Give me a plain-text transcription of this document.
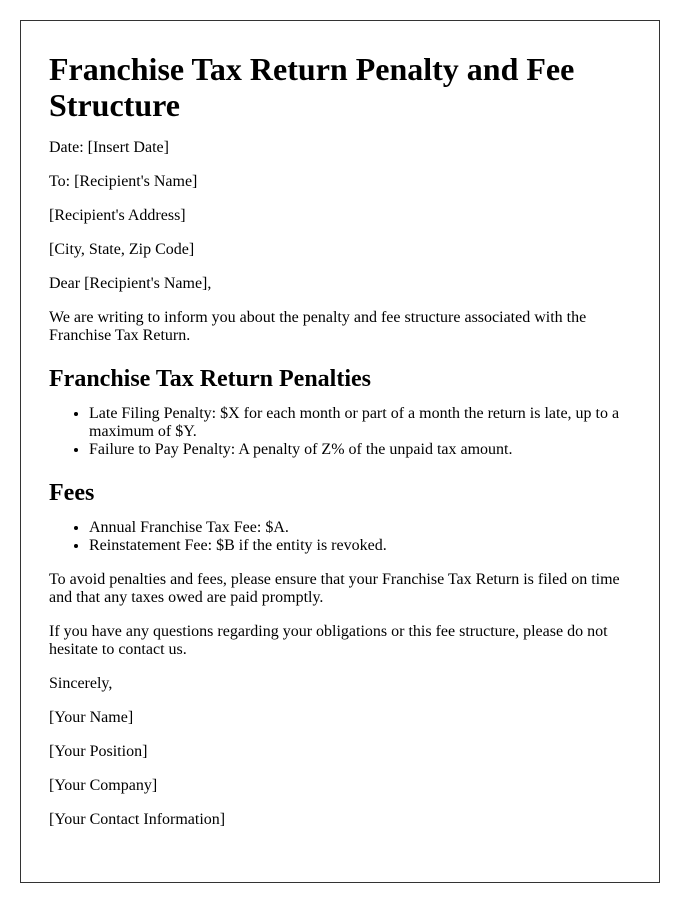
Franchise Tax Return Penalty and Fee Structure

Date: [Insert Date]

To: [Recipient's Name]

[Recipient's Address]

[City, State, Zip Code]

Dear [Recipient's Name],

We are writing to inform you about the penalty and fee structure associated with the Franchise Tax Return.

Franchise Tax Return Penalties
• Late Filing Penalty: $X for each month or part of a month the return is late, up to a maximum of $Y.
• Failure to Pay Penalty: A penalty of Z% of the unpaid tax amount.
Fees
• Annual Franchise Tax Fee: $A.
• Reinstatement Fee: $B if the entity is revoked.

To avoid penalties and fees, please ensure that your Franchise Tax Return is filed on time and that any taxes owed are paid promptly.

If you have any questions regarding your obligations or this fee structure, please do not hesitate to contact us.

Sincerely,

[Your Name]

[Your Position]

[Your Company]

[Your Contact Information]
